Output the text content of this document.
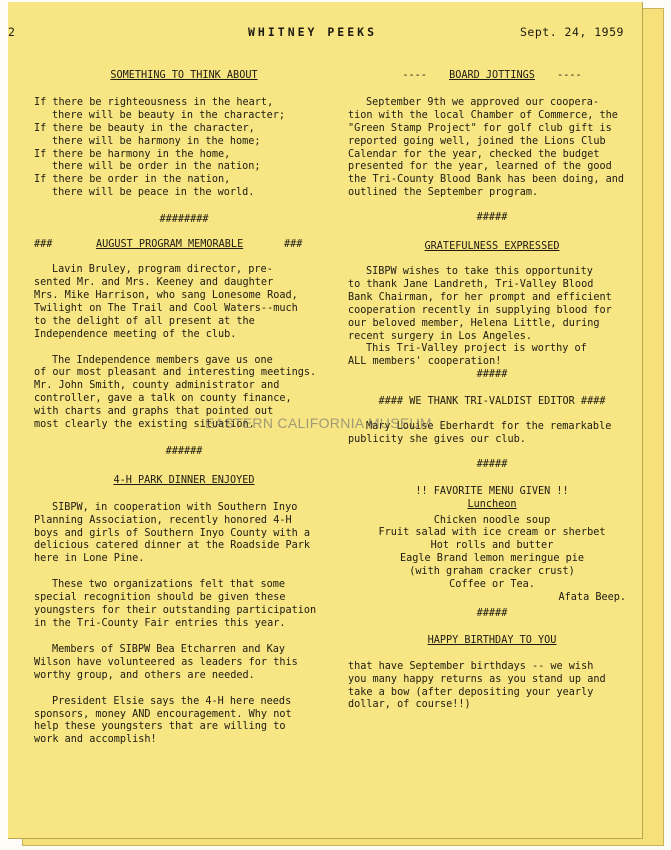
2	WHITNEY PEEKS	Sept. 24, 1959

SOMETHING TO THINK ABOUT

If there be righteousness in the heart,

there will be beauty in the character;

If there be beauty in the character,

there will be harmony in the home;

If there be harmony in the home,

there will be order in the nation;

If there be order in the nation,

there will be peace in the world.

########

###	AUGUST PROGRAM MEMORABLE	###

Lavin Bruley, program director, pre-

sented Mr. and Mrs. Keeney and daughter

Mrs. Mike Harrison, who sang Lonesome Road,

Twilight on The Trail and Cool Waters--much

to the delight of all present at the

Independence meeting of the club.

The Independence members gave us one

of our most pleasant and interesting meetings.

Mr. John Smith, county administrator and

controller, gave a talk on county finance,

with charts and graphs that pointed out

most clearly the existing situation.

######

4-H PARK DINNER ENJOYED

SIBPW, in cooperation with Southern Inyo

Planning Association, recently honored 4-H

boys and girls of Southern Inyo County with a

delicious catered dinner at the Roadside Park

here in Lone Pine.

These two organizations felt that some

special recognition should be given these

youngsters for their outstanding participation

in the Tri-County Fair entries this year.

Members of SIBPW Bea Etcharren and Kay

Wilson have volunteered as leaders for this

worthy group, and others are needed.

President Elsie says the 4-H here needs

sponsors, money AND encouragement. Why not

help these youngsters that are willing to

work and accomplish!

---- BOARD JOTTINGS ----

September 9th we approved our coopera-

tion with the local Chamber of Commerce, the

"Green Stamp Project" for golf club gift is

reported going well, joined the Lions Club

Calendar for the year, checked the budget

presented for the year, learned of the good

the Tri-County Blood Bank has been doing, and

outlined the September program.

#####

GRATEFULNESS EXPRESSED

SIBPW wishes to take this opportunity

to thank Jane Landreth, Tri-Valley Blood

Bank Chairman, for her prompt and efficient

cooperation recently in supplying blood for

our beloved member, Helena Little, during

recent surgery in Los Angeles.

This Tri-Valley project is worthy of

ALL members' cooperation!

#####

#### WE THANK TRI-VALDIST EDITOR ####

Mary Louise Eberhardt for the remarkable

publicity she gives our club.

#####

!! FAVORITE MENU GIVEN !!

Luncheon

Chicken noodle soup

Fruit salad with ice cream or sherbet

Hot rolls and butter

Eagle Brand lemon meringue pie

(with graham cracker crust)

Coffee or Tea.

Afata Beep.

#####

HAPPY BIRTHDAY TO YOU

that have September birthdays -- we wish

you many happy returns as you stand up and

take a bow (after depositing your yearly

dollar, of course!!)

EASTERN CALIFORNIA MUSEUM
